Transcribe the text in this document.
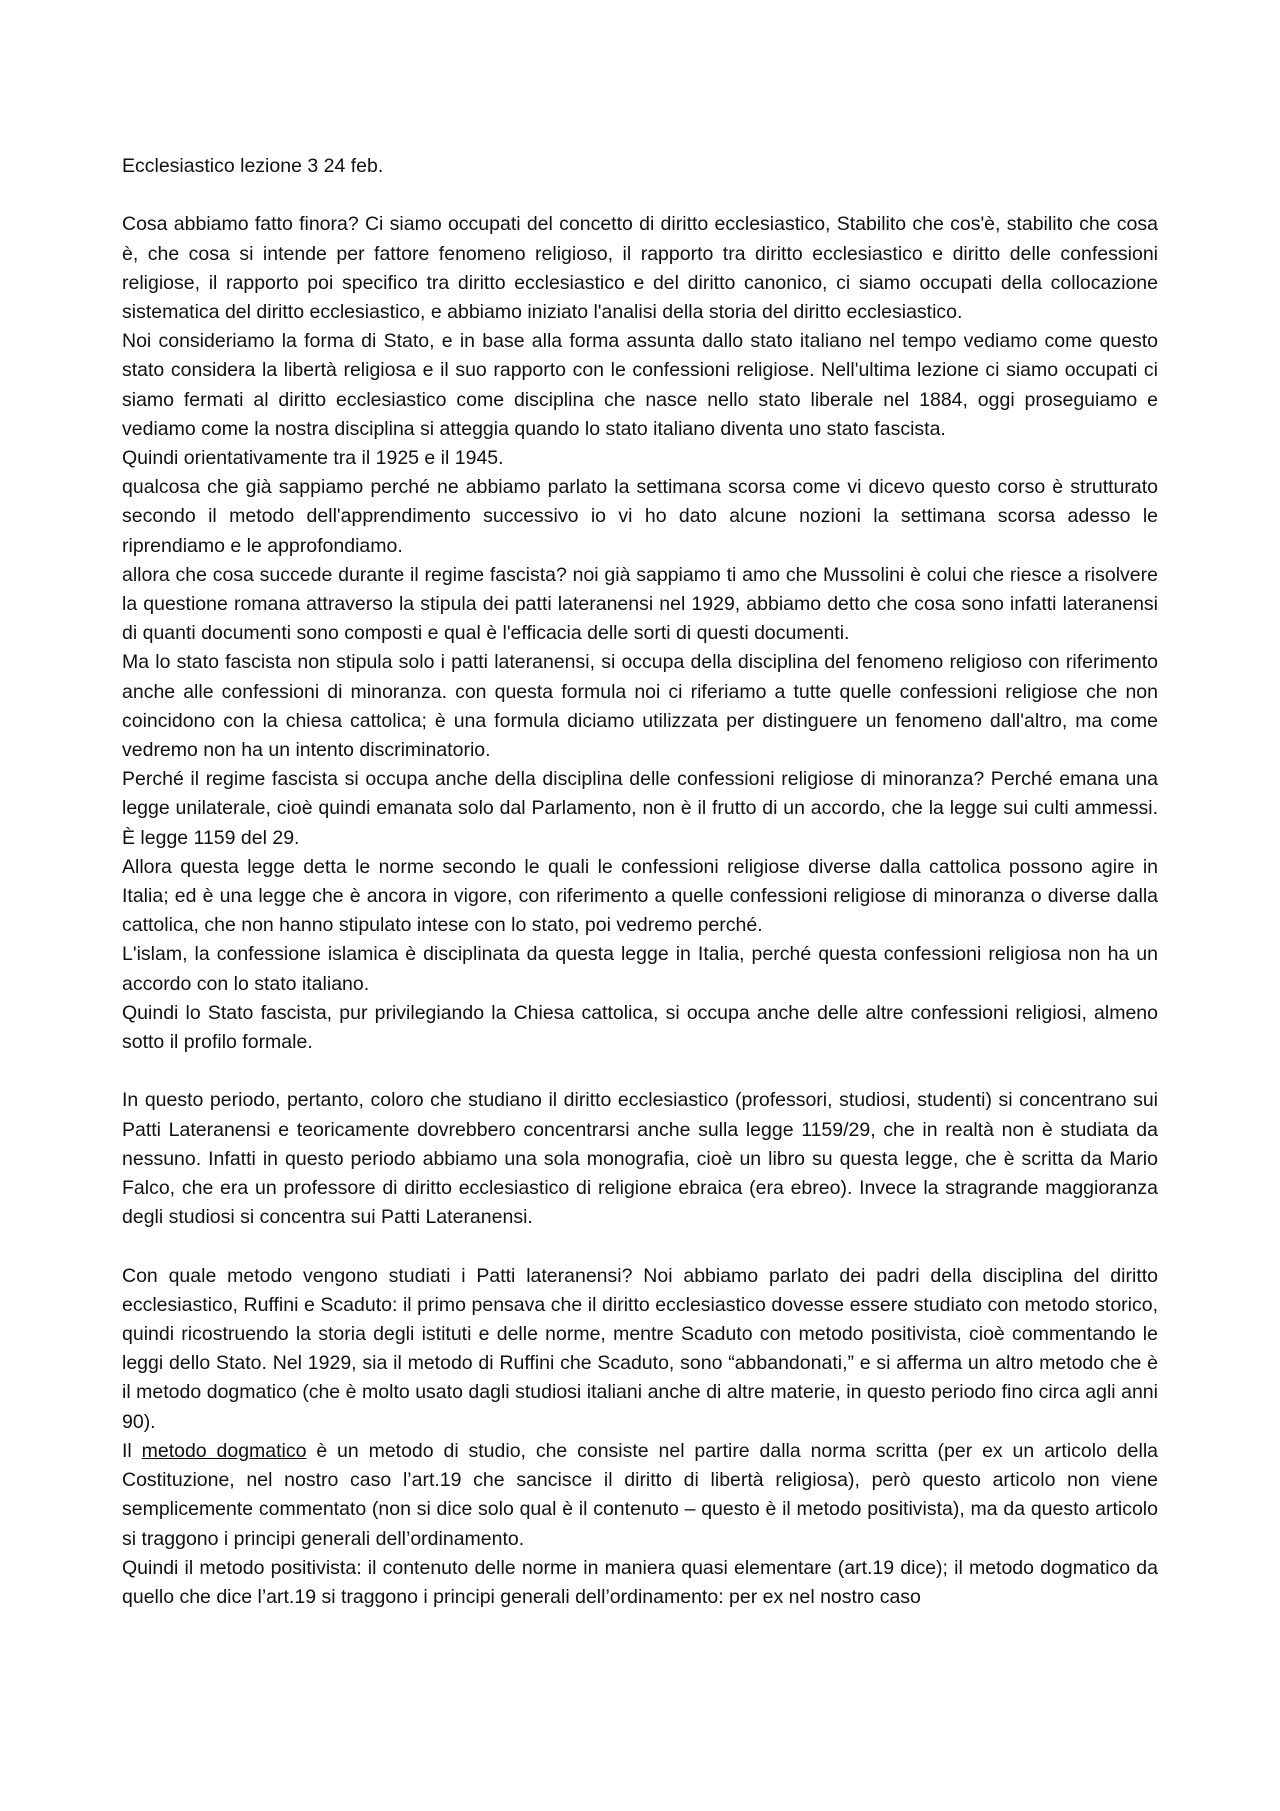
Ecclesiastico lezione 3 24 feb.

Cosa abbiamo fatto finora? Ci siamo occupati del concetto di diritto ecclesiastico, Stabilito che cos'è, stabilito che cosa è, che cosa si intende per fattore fenomeno religioso, il rapporto tra diritto ecclesiastico e diritto delle confessioni religiose, il rapporto poi specifico tra diritto ecclesiastico e del diritto canonico, ci siamo occupati della collocazione sistematica del diritto ecclesiastico, e abbiamo iniziato l'analisi della storia del diritto ecclesiastico.

Noi consideriamo la forma di Stato, e in base alla forma assunta dallo stato italiano nel tempo vediamo come questo stato considera la libertà religiosa e il suo rapporto con le confessioni religiose. Nell'ultima lezione ci siamo occupati ci siamo fermati al diritto ecclesiastico come disciplina che nasce nello stato liberale nel 1884, oggi proseguiamo e vediamo come la nostra disciplina si atteggia quando lo stato italiano diventa uno stato fascista.

Quindi orientativamente tra il 1925 e il 1945.

qualcosa che già sappiamo perché ne abbiamo parlato la settimana scorsa come vi dicevo questo corso è strutturato secondo il metodo dell'apprendimento successivo io vi ho dato alcune nozioni la settimana scorsa adesso le riprendiamo e le approfondiamo.

allora che cosa succede durante il regime fascista? noi già sappiamo ti amo che Mussolini è colui che riesce a risolvere la questione romana attraverso la stipula dei patti lateranensi nel 1929, abbiamo detto che cosa sono infatti lateranensi di quanti documenti sono composti e qual è l'efficacia delle sorti di questi documenti.

Ma lo stato fascista non stipula solo i patti lateranensi, si occupa della disciplina del fenomeno religioso con riferimento anche alle confessioni di minoranza. con questa formula noi ci riferiamo a tutte quelle confessioni religiose che non coincidono con la chiesa cattolica; è una formula diciamo utilizzata per distinguere un fenomeno dall'altro, ma come vedremo non ha un intento discriminatorio.

Perché il regime fascista si occupa anche della disciplina delle confessioni religiose di minoranza? Perché emana una legge unilaterale, cioè quindi emanata solo dal Parlamento, non è il frutto di un accordo, che la legge sui culti ammessi. È legge 1159 del 29.

Allora questa legge detta le norme secondo le quali le confessioni religiose diverse dalla cattolica possono agire in Italia; ed è una legge che è ancora in vigore, con riferimento a quelle confessioni religiose di minoranza o diverse dalla cattolica, che non hanno stipulato intese con lo stato, poi vedremo perché.

L'islam, la confessione islamica è disciplinata da questa legge in Italia, perché questa confessioni religiosa non ha un accordo con lo stato italiano.

Quindi lo Stato fascista, pur privilegiando la Chiesa cattolica, si occupa anche delle altre confessioni religiosi, almeno sotto il profilo formale.

In questo periodo, pertanto, coloro che studiano il diritto ecclesiastico (professori, studiosi, studenti) si concentrano sui Patti Lateranensi e teoricamente dovrebbero concentrarsi anche sulla legge 1159/29, che in realtà non è studiata da nessuno. Infatti in questo periodo abbiamo una sola monografia, cioè un libro su questa legge, che è scritta da Mario Falco, che era un professore di diritto ecclesiastico di religione ebraica (era ebreo). Invece la stragrande maggioranza degli studiosi si concentra sui Patti Lateranensi.

Con quale metodo vengono studiati i Patti lateranensi? Noi abbiamo parlato dei padri della disciplina del diritto ecclesiastico, Ruffini e Scaduto: il primo pensava che il diritto ecclesiastico dovesse essere studiato con metodo storico, quindi ricostruendo la storia degli istituti e delle norme, mentre Scaduto con metodo positivista, cioè commentando le leggi dello Stato. Nel 1929, sia il metodo di Ruffini che Scaduto, sono “abbandonati,” e si afferma un altro metodo che è il metodo dogmatico (che è molto usato dagli studiosi italiani anche di altre materie, in questo periodo fino circa agli anni 90).

Il metodo dogmatico è un metodo di studio, che consiste nel partire dalla norma scritta (per ex un articolo della Costituzione, nel nostro caso l’art.19 che sancisce il diritto di libertà religiosa), però questo articolo non viene semplicemente commentato (non si dice solo qual è il contenuto – questo è il metodo positivista), ma da questo articolo si traggono i principi generali dell’ordinamento.

Quindi il metodo positivista: il contenuto delle norme in maniera quasi elementare (art.19 dice); il metodo dogmatico da quello che dice l’art.19 si traggono i principi generali dell’ordinamento: per ex nel nostro caso
